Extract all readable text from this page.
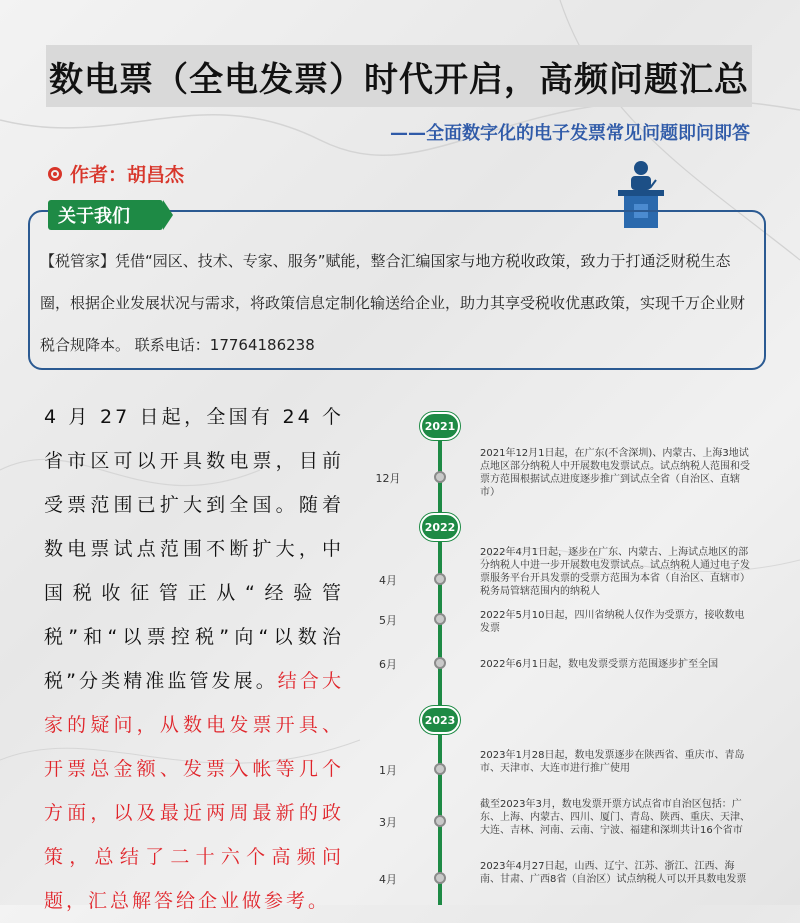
数电票（全电发票）时代开启，高频问题汇总
——全面数字化的电子发票常见问题即问即答
作者：胡昌杰
关于我们
【税管家】凭借“园区、技术、专家、服务”赋能，整合汇编国家与地方税收政策，致力于打通泛财税生态圈，根据企业发展状况与需求，将政策信息定制化输送给企业，助力其享受税收优惠政策，实现千万企业财税合规降本。 联系电话：17764186238
4 月 27 日起，全国有 24 个省市区可以开具数电票，目前受票范围已扩大到全国。随着数电票试点范围不断扩大，中国税收征管正从“经验管税”和“以票控税”向“以数治税”分类精准监管发展。结合大家的疑问，从数电发票开具、开票总金额、发票入帐等几个方面，以及最近两周最新的政策，总结了二十六个高频问题，汇总解答给企业做参考。
2021
2022
2023
12月
2021年12月1日起，在广东(不含深圳)、内蒙古、上海3地试点地区部分纳税人中开展数电发票试点。试点纳税人范围和受票方范围根据试点进度逐步推广到试点全省（自治区、直辖市）
4月
2022年4月1日起，逐步在广东、内蒙古、上海试点地区的部分纳税人中进一步开展数电发票试点。试点纳税人通过电子发票服务平台开具发票的受票方范围为本省（自治区、直辖市）税务局管辖范围内的纳税人
5月	2022年5月10日起，四川省纳税人仅作为受票方，接收数电发票
6月	2022年6月1日起，数电发票受票方范围逐步扩至全国
1月
2023年1月28日起，数电发票逐步在陕西省、重庆市、青岛市、天津市、大连市进行推广使用
3月
截至2023年3月，数电发票开票方试点省市自治区包括：广东、上海、内蒙古、四川、厦门、青岛、陕西、重庆、天津、大连、吉林、河南、云南、宁波、福建和深圳共计16个省市
4月
2023年4月27日起，山西、辽宁、江苏、浙江、江西、海南、甘肃、广西8省（自治区）试点纳税人可以开具数电发票
